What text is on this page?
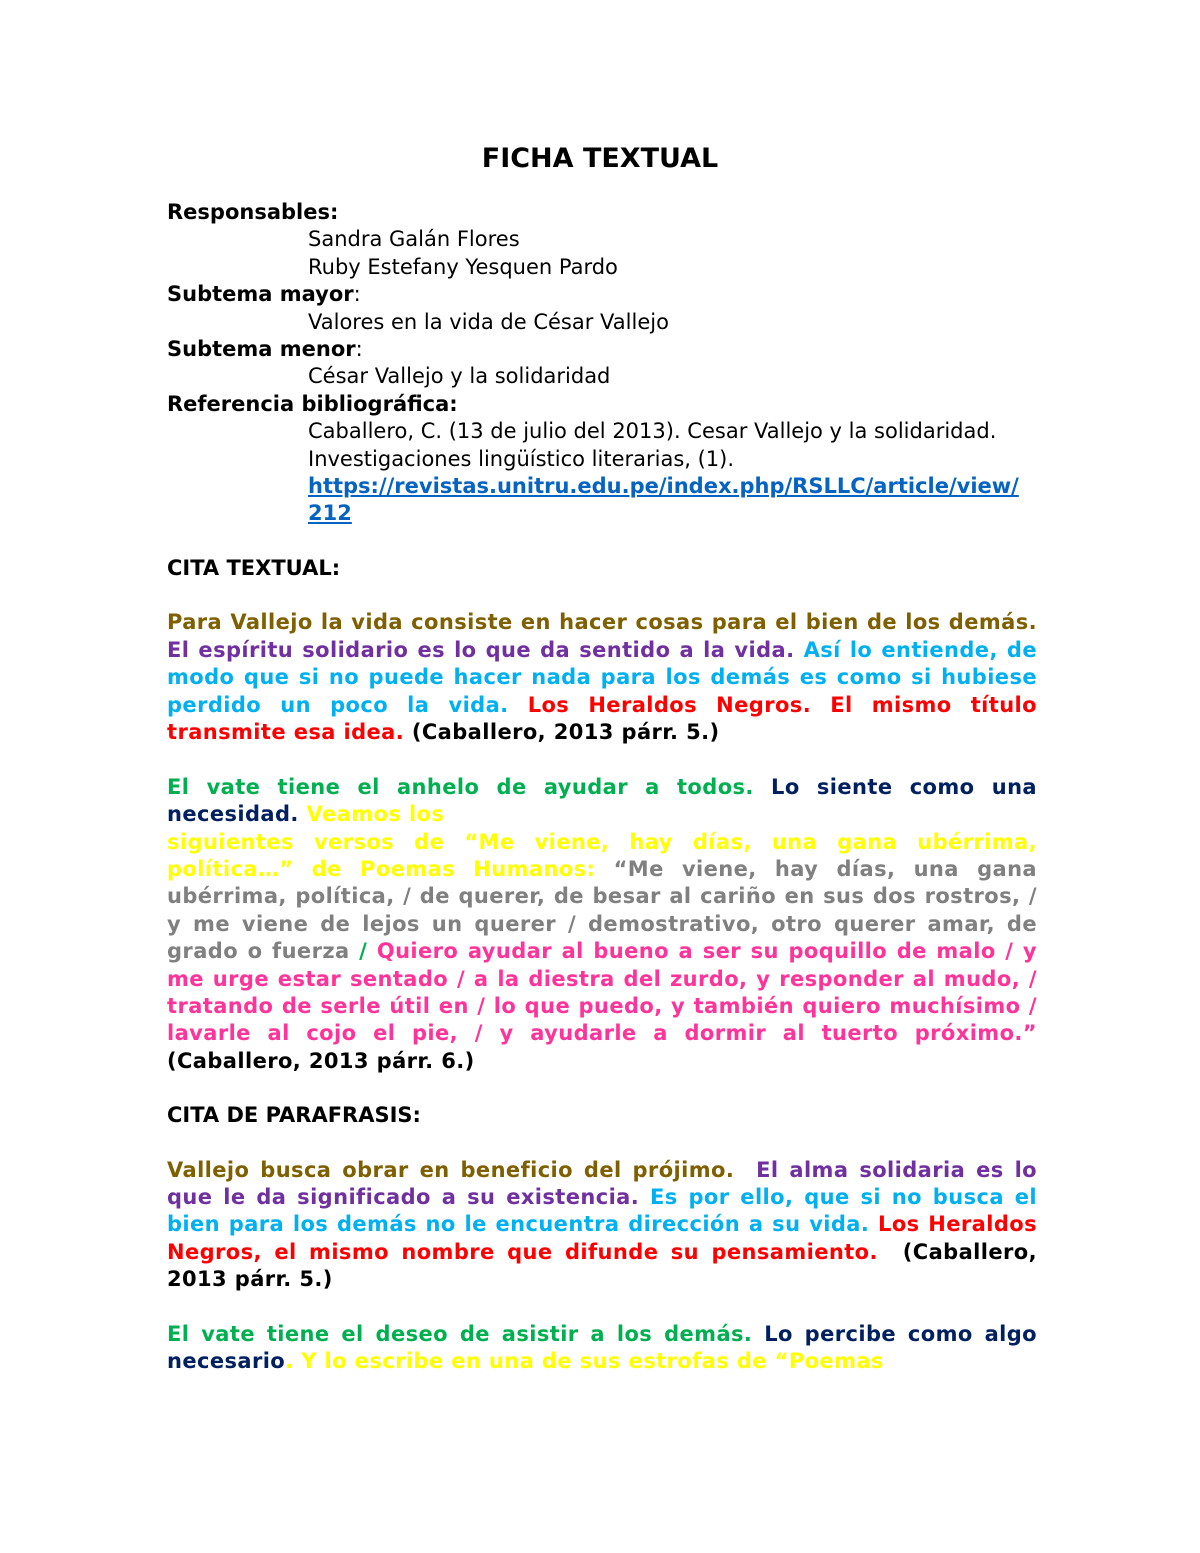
FICHA TEXTUAL
Responsables:
Sandra Galán Flores
Ruby Estefany Yesquen Pardo
Subtema mayor:
Valores en la vida de César Vallejo
Subtema menor:
César Vallejo y la solidaridad
Referencia bibliográfica:
Caballero, C. (13 de julio del 2013). Cesar Vallejo y la solidaridad. Investigaciones lingüístico literarias, (1).
https://revistas.unitru.edu.pe/index.php/RSLLC/article/view/212
CITA TEXTUAL:
Para Vallejo la vida consiste en hacer cosas para el bien de los demás. El espíritu solidario es lo que da sentido a la vida. Así lo entiende, de modo que si no puede hacer nada para los demás es como si hubiese perdido un poco la vida. Los Heraldos Negros. El mismo título transmite esa idea. (Caballero, 2013 párr. 5.)
El vate tiene el anhelo de ayudar a todos. Lo siente como una necesidad. Veamos los
siguientes versos de “Me viene, hay días, una gana ubérrima, política…” de Poemas Humanos: “Me viene, hay días, una gana ubérrima, política, / de querer, de besar al cariño en sus dos rostros, / y me viene de lejos un querer / demostrativo, otro querer amar, de grado o fuerza / Quiero ayudar al bueno a ser su poquillo de malo / y me urge estar sentado / a la diestra del zurdo, y responder al mudo, / tratando de serle útil en / lo que puedo, y también quiero muchísimo / lavarle al cojo el pie, / y ayudarle a dormir al tuerto próximo.” (Caballero, 2013 párr. 6.)
CITA DE PARAFRASIS:
Vallejo busca obrar en beneficio del prójimo. El alma solidaria es lo que le da significado a su existencia. Es por ello, que si no busca el bien para los demás no le encuentra dirección a su vida. Los Heraldos Negros, el mismo nombre que difunde su pensamiento. (Caballero, 2013 párr. 5.)
El vate tiene el deseo de asistir a los demás. Lo percibe como algo necesario. Y lo escribe en una de sus estrofas de “Poemas
